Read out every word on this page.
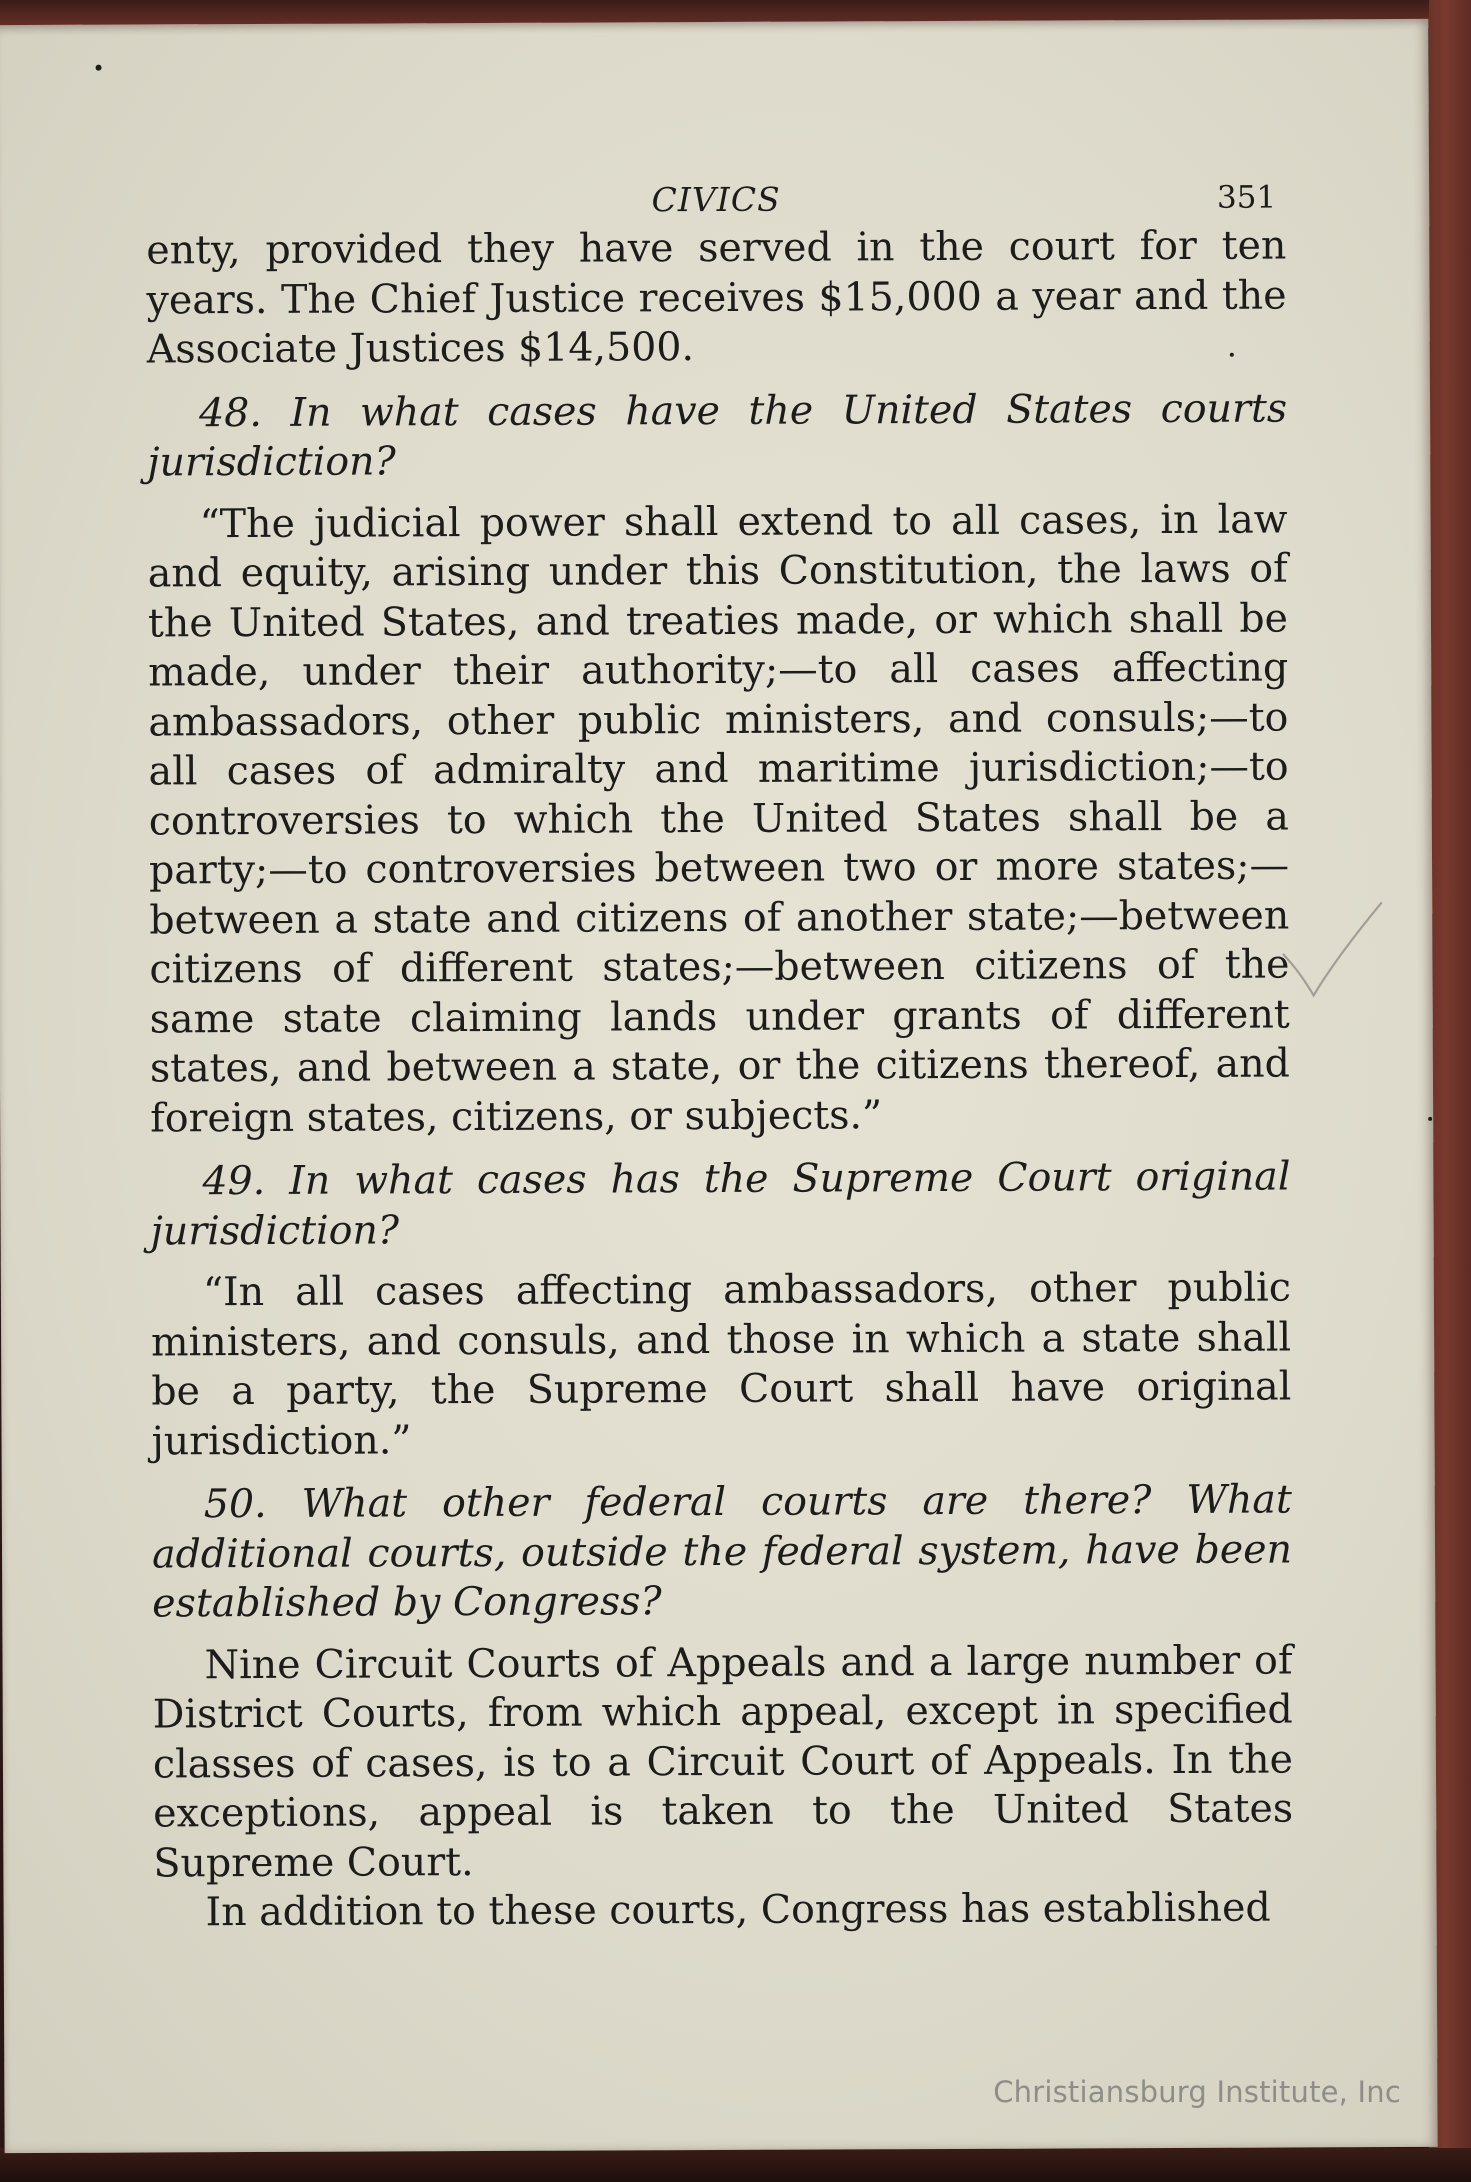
CIVICS	351

enty, provided they have served in the court for ten years. The Chief Justice receives $15,000 a year and the Associate Justices $14,500.

48. In what cases have the United States courts jurisdiction?

“The judicial power shall extend to all cases, in law and equity, arising under this Constitution, the laws of the United States, and treaties made, or which shall be made, under their authority;—to all cases affecting ambassadors, other public ministers, and consuls;—to all cases of admiralty and maritime jurisdiction;—to controversies to which the United States shall be a party;—to controversies between two or more states;—between a state and citizens of another state;—between citizens of different states;—between citizens of the same state claiming lands under grants of different states, and between a state, or the citizens thereof, and foreign states, citizens, or subjects.”

49. In what cases has the Supreme Court original jurisdiction?

“In all cases affecting ambassadors, other public ministers, and consuls, and those in which a state shall be a party, the Supreme Court shall have original jurisdiction.”

50. What other federal courts are there? What additional courts, outside the federal system, have been established by Congress?

Nine Circuit Courts of Appeals and a large number of District Courts, from which appeal, except in specified classes of cases, is to a Circuit Court of Appeals. In the exceptions, appeal is taken to the United States Supreme Court.

In addition to these courts, Congress has established

Christiansburg Institute, Inc
